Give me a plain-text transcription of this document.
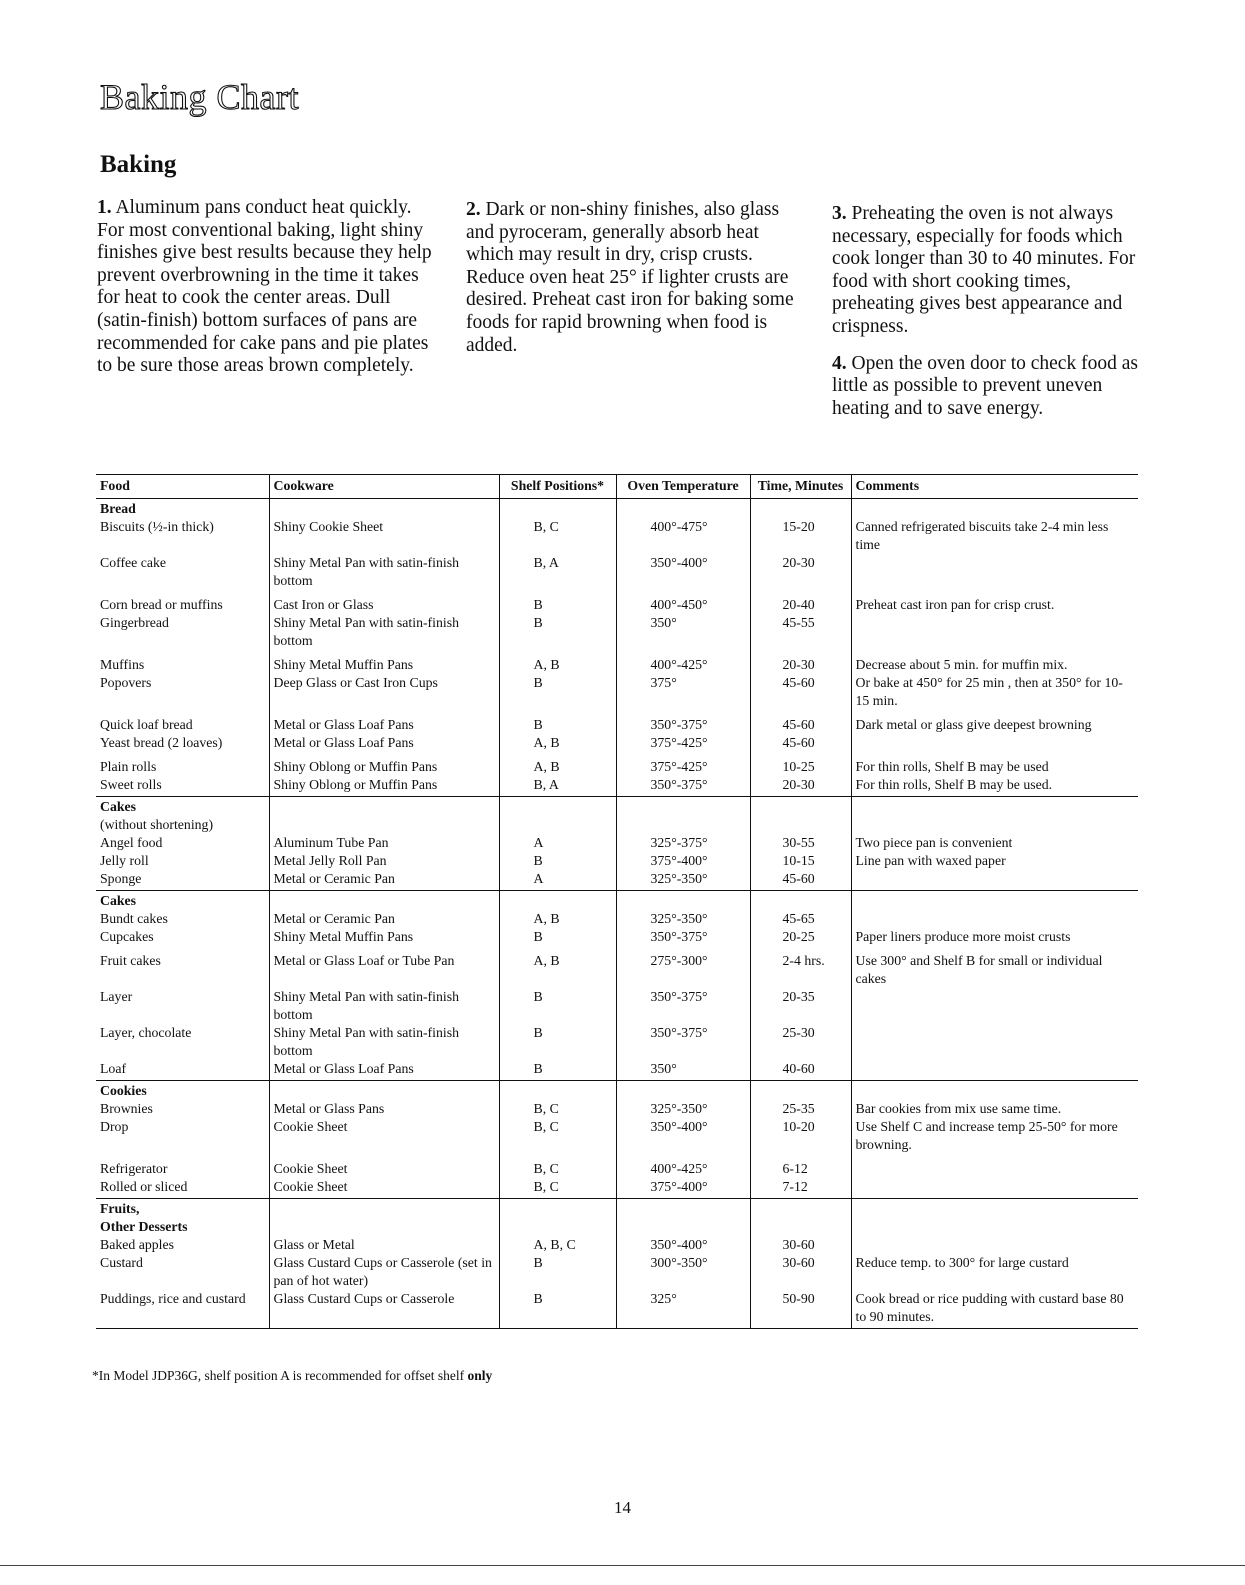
Baking Chart
Baking

1. Aluminum pans conduct heat quickly. For most conventional baking, light shiny finishes give best results because they help prevent overbrowning in the time it takes for heat to cook the center areas. Dull (satin-finish) bottom surfaces of pans are recommended for cake pans and pie plates to be sure those areas brown completely.

2. Dark or non-shiny finishes, also glass and pyroceram, generally absorb heat which may result in dry, crisp crusts. Reduce oven heat 25° if lighter crusts are desired. Preheat cast iron for baking some foods for rapid browning when food is added.

3. Preheating the oven is not always necessary, especially for foods which cook longer than 30 to 40 minutes. For food with short cooking times, preheating gives best appearance and crispness.

4. Open the oven door to check food as little as possible to prevent uneven heating and to save energy.

Food	Cookware	Shelf Positions*	Oven Temperature	Time, Minutes	Comments

Bread					

Biscuits (½-in thick)	Shiny Cookie Sheet	B, C	400°-475°	15-20	Canned refrigerated biscuits take 2-4 min less time
Coffee cake	Shiny Metal Pan with satin-finish bottom	B, A	350°-400°	20-30	
Corn bread or muffins	Cast Iron or Glass	B	400°-450°	20-40	Preheat cast iron pan for crisp crust.
Gingerbread	Shiny Metal Pan with satin-finish bottom	B	350°	45-55	
Muffins	Shiny Metal Muffin Pans	A, B	400°-425°	20-30	Decrease about 5 min. for muffin mix.
Popovers	Deep Glass or Cast Iron Cups	B	375°	45-60	Or bake at 450° for 25 min , then at 350° for 10-15 min.
Quick loaf bread	Metal or Glass Loaf Pans	B	350°-375°	45-60	Dark metal or glass give deepest browning
Yeast bread (2 loaves)	Metal or Glass Loaf Pans	A, B	375°-425°	45-60	
Plain rolls	Shiny Oblong or Muffin Pans	A, B	375°-425°	10-25	For thin rolls, Shelf B may be used
Sweet rolls	Shiny Oblong or Muffin Pans	B, A	350°-375°	20-30	For thin rolls, Shelf B may be used.

Cakes
(without shortening)					

Angel food	Aluminum Tube Pan	A	325°-375°	30-55	Two piece pan is convenient
Jelly roll	Metal Jelly Roll Pan	B	375°-400°	10-15	Line pan with waxed paper
Sponge	Metal or Ceramic Pan	A	325°-350°	45-60	

Cakes					

Bundt cakes	Metal or Ceramic Pan	A, B	325°-350°	45-65	
Cupcakes	Shiny Metal Muffin Pans	B	350°-375°	20-25	Paper liners produce more moist crusts
Fruit cakes	Metal or Glass Loaf or Tube Pan	A, B	275°-300°	2-4 hrs.	Use 300° and Shelf B for small or individual cakes
Layer	Shiny Metal Pan with satin-finish bottom	B	350°-375°	20-35	
Layer, chocolate	Shiny Metal Pan with satin-finish bottom	B	350°-375°	25-30	
Loaf	Metal or Glass Loaf Pans	B	350°	40-60	

Cookies					

Brownies	Metal or Glass Pans	B, C	325°-350°	25-35	Bar cookies from mix use same time.
Drop	Cookie Sheet	B, C	350°-400°	10-20	Use Shelf C and increase temp 25-50° for more browning.
Refrigerator	Cookie Sheet	B, C	400°-425°	6-12	
Rolled or sliced	Cookie Sheet	B, C	375°-400°	7-12	

Fruits,
Other Desserts					

Baked apples	Glass or Metal	A, B, C	350°-400°	30-60	
Custard	Glass Custard Cups or Casserole (set in pan of hot water)	B	300°-350°	30-60	Reduce temp. to 300° for large custard
Puddings, rice and custard	Glass Custard Cups or Casserole	B	325°	50-90	Cook bread or rice pudding with custard base 80 to 90 minutes.
*In Model JDP36G, shelf position A is recommended for offset shelf only
14
